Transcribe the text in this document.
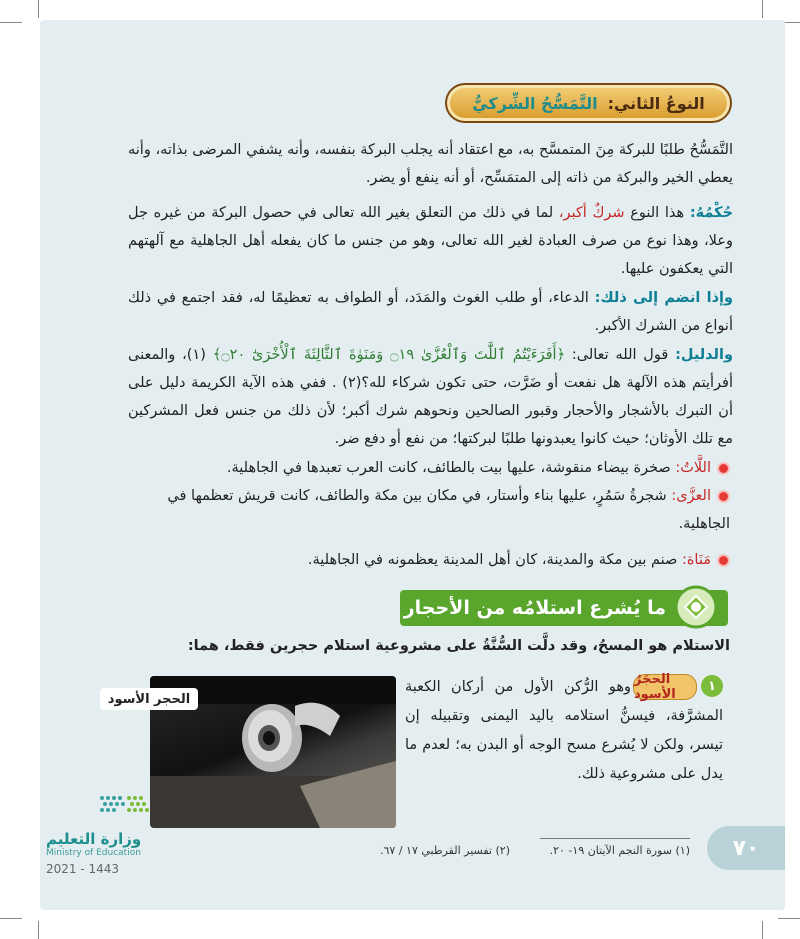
النوعُ الثاني:
التَّمَسُّحُ الشِّركيُّ
التَّمَسُّحُ طلبًا للبركة مِنَ المتمسَّح به، مع اعتقاد أنه يجلب البركة بنفسه، وأنه يشفي المرضى بذاته، وأنه يعطي الخير والبركة من ذاته إلى المتمَسِّح، أو أنه ينفع أو يضر.
حُكْمُهُ: هذا النوع شركٌ أكبر، لما في ذلك من التعلق بغير الله تعالى في حصول البركة من غيره جل وعلا، وهذا نوع من صرف العبادة لغير الله تعالى، وهو من جنس ما كان يفعله أهل الجاهلية مع آلهتهم التي يعكفون عليها.
وإذا انضم إلى ذلك: الدعاء، أو طلب الغوث والمَدَد، أو الطواف به تعظيمًا له، فقد اجتمع في ذلك أنواع من الشرك الأكبر.
والدليل: قول الله تعالى: ﴿أَفَرَءَيْتُمُ ٱللَّٰتَ وَٱلْعُزَّىٰ ۝١٩ وَمَنَوٰةَ ٱلثَّالِثَةَ ٱلْأُخْرَىٰٓ ۝٢٠﴾ (١)، والمعنى أفرأيتم هذه الآلهة هل نفعت أو ضَرَّت، حتى تكون شركاء لله؟(٢) . ففي هذه الآية الكريمة دليل على أن التبرك بالأشجار والأحجار وقبور الصالحين ونحوهم شرك أكبر؛ لأن ذلك من جنس فعل المشركين مع تلك الأوثان؛ حيث كانوا يعبدونها طلبًا لبركتها؛ من نفع أو دفع ضر.
اللَّاتُ: صخرة بيضاء منقوشة، عليها بيت بالطائف، كانت العرب تعبدها في الجاهلية.
العزَّى: شجرةُ سَمُرٍ، عليها بناء وأستار، في مكان بين مكة والطائف، كانت قريش تعظمها في الجاهلية.
مَنَاة: صنم بين مكة والمدينة، كان أهل المدينة يعظمونه في الجاهلية.
ما يُشرع استلامُه من الأحجار
الاستلام هو المسحُ، وقد دلَّت السُّنَّةُ على مشروعية استلام حجرين فقط، هما:
وهو الرُّكن الأول من أركان الكعبة المشرَّفة، فيسنُّ استلامه باليد اليمنى وتقبيله إن تيسر، ولكن لا يُشرع مسح الوجه أو البدن به؛ لعدم ما يدل على مشروعية ذلك.
١
الحجَرُ الأسود
الحجر الأسود
(١) سورة النجم الآيتان ١٩- ٢٠.
(٢) تفسير القرطبي ١٧ / ٦٧.	٧٠
وزارة التعليم
Ministry of Education
2021 - 1443
